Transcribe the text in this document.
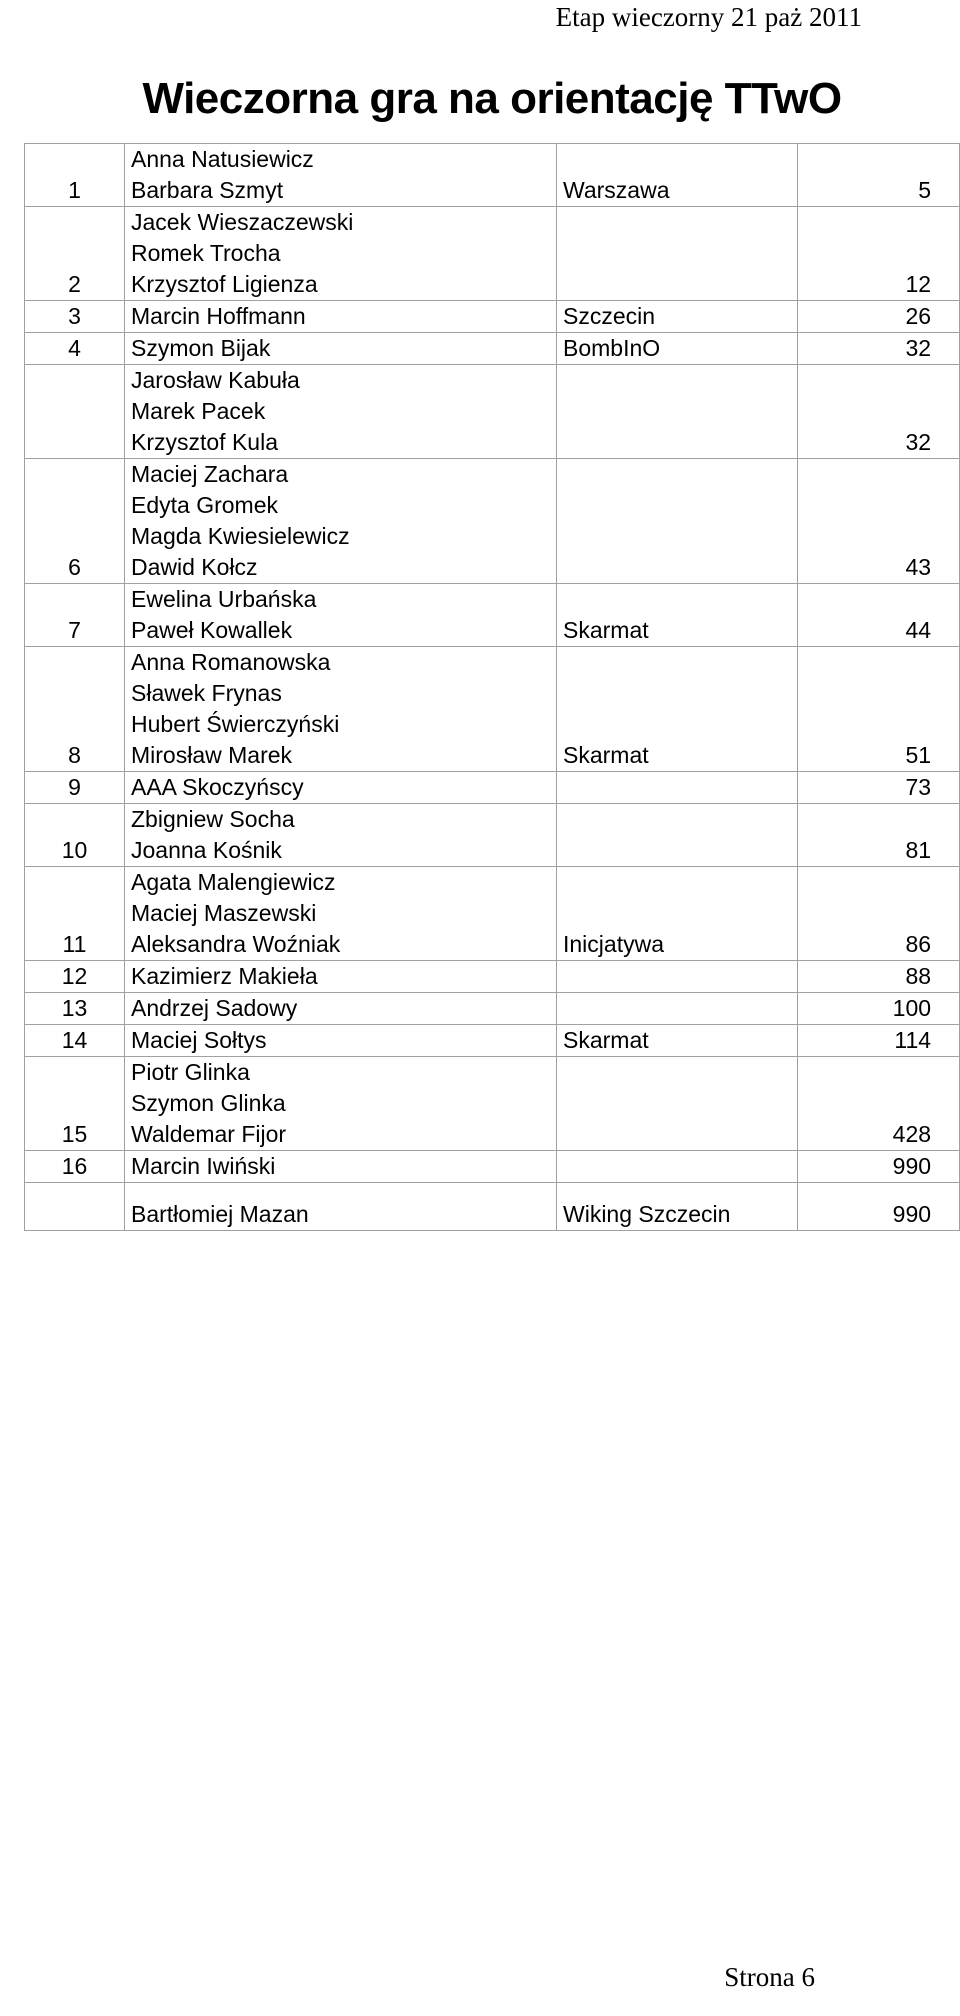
Etap wieczorny 21 paż 2011
Wieczorna gra na orientację TTwO			
1	Anna Natusiewicz
Barbara Szmyt	Warszawa	5
2	Jacek Wieszaczewski
Romek Trocha
Krzysztof Ligienza		12
3	Marcin Hoffmann	Szczecin	26
4	Szymon Bijak	BombInO	32

	Jarosław Kabuła
Marek Pacek
Krzysztof Kula		32
6	Maciej Zachara
Edyta Gromek
Magda Kwiesielewicz
Dawid Kołcz		43
7	Ewelina Urbańska
Paweł Kowallek	Skarmat	44
8	Anna Romanowska
Sławek Frynas
Hubert Świerczyński
Mirosław Marek	Skarmat	51
9	AAA Skoczyńscy		73
10	Zbigniew Socha
Joanna Kośnik		81
11	Agata Malengiewicz
Maciej Maszewski
Aleksandra Woźniak	Inicjatywa	86
12	Kazimierz Makieła		88
13	Andrzej Sadowy		100
14	Maciej Sołtys	Skarmat	114
15	Piotr Glinka
Szymon Glinka
Waldemar Fijor		428
16	Marcin Iwiński		990

	Bartłomiej Mazan	Wiking Szczecin	990
Strona 6
